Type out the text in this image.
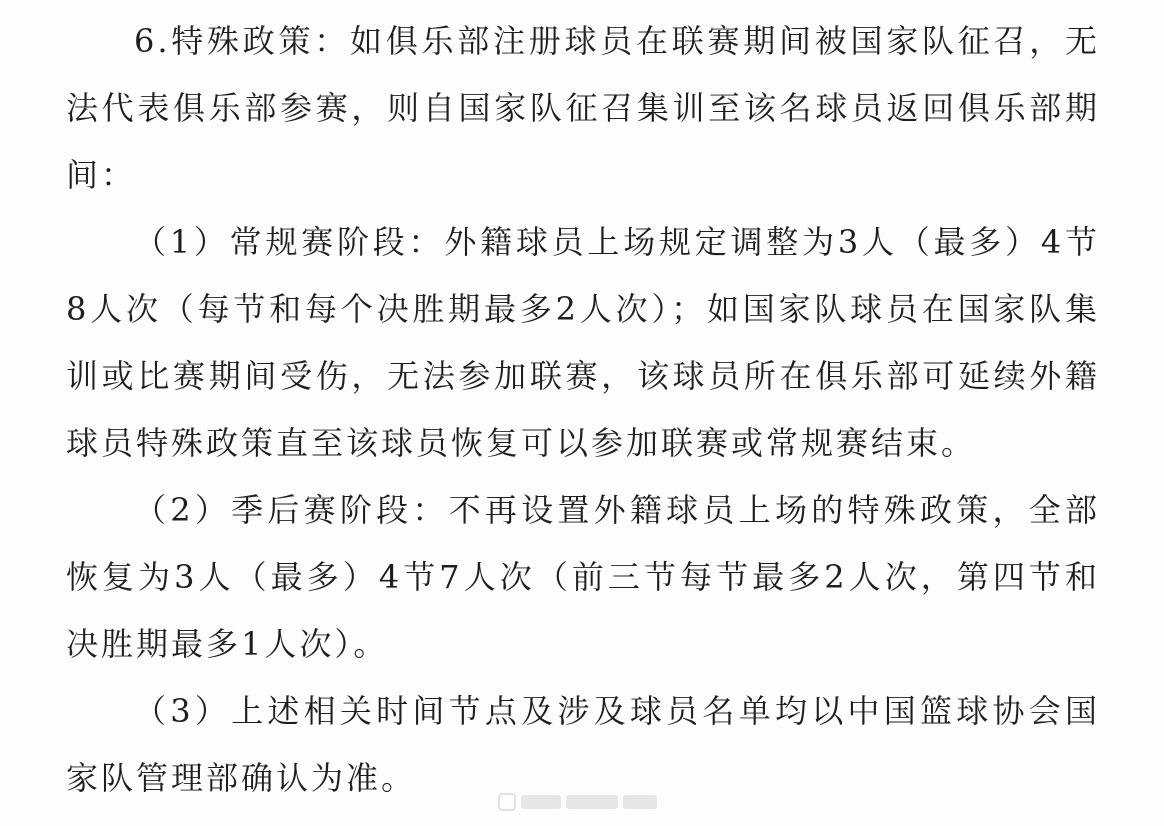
6.特殊政策：如俱乐部注册球员在联赛期间被国家队征召，无法代表俱乐部参赛，则自国家队征召集训至该名球员返回俱乐部期间：

（1）常规赛阶段：外籍球员上场规定调整为3人（最多）4节8人次（每节和每个决胜期最多2人次）；如国家队球员在国家队集训或比赛期间受伤，无法参加联赛，该球员所在俱乐部可延续外籍球员特殊政策直至该球员恢复可以参加联赛或常规赛结束。

（2）季后赛阶段：不再设置外籍球员上场的特殊政策，全部恢复为3人（最多）4节7人次（前三节每节最多2人次，第四节和决胜期最多1人次）。

（3）上述相关时间节点及涉及球员名单均以中国篮球协会国家队管理部确认为准。
